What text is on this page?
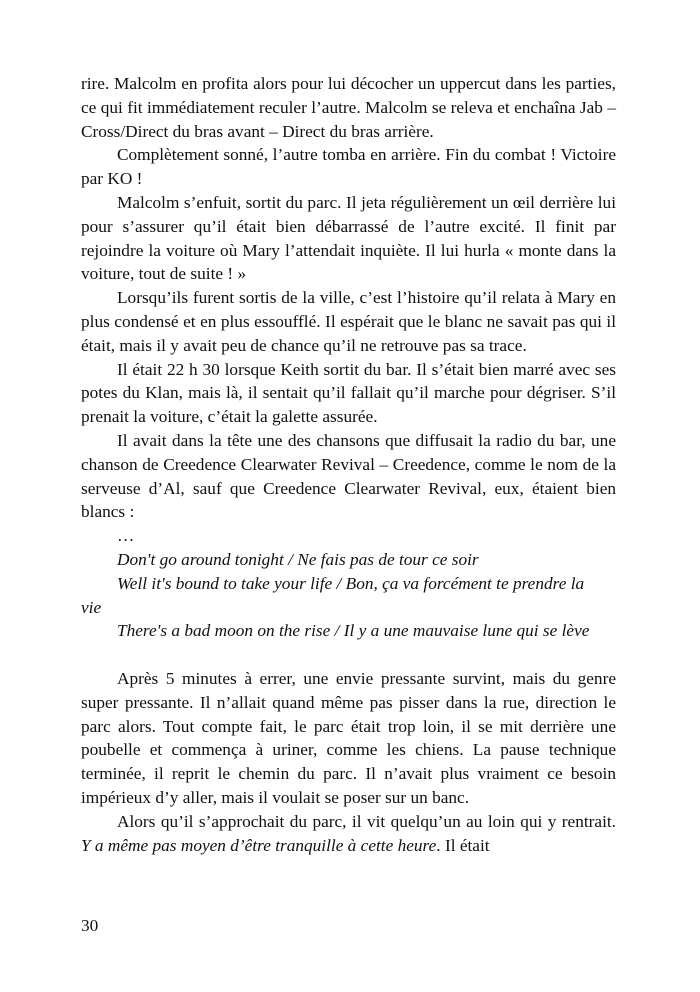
rire. Malcolm en profita alors pour lui décocher un uppercut dans les parties, ce qui fit immédiatement reculer l’autre. Malcolm se releva et enchaîna Jab – Cross/Direct du bras avant – Direct du bras arrière.

Complètement sonné, l’autre tomba en arrière. Fin du combat ! Victoire par KO !

Malcolm s’enfuit, sortit du parc. Il jeta régulièrement un œil derrière lui pour s’assurer qu’il était bien débarrassé de l’autre excité. Il finit par rejoindre la voiture où Mary l’attendait inquiète. Il lui hurla « monte dans la voiture, tout de suite ! »

Lorsqu’ils furent sortis de la ville, c’est l’histoire qu’il relata à Mary en plus condensé et en plus essoufflé. Il espérait que le blanc ne savait pas qui il était, mais il y avait peu de chance qu’il ne retrouve pas sa trace.

Il était 22 h 30 lorsque Keith sortit du bar. Il s’était bien marré avec ses potes du Klan, mais là, il sentait qu’il fallait qu’il marche pour dégriser. S’il prenait la voiture, c’était la galette assurée.

Il avait dans la tête une des chansons que diffusait la radio du bar, une chanson de Creedence Clearwater Revival – Creedence, comme le nom de la serveuse d’Al, sauf que Creedence Clearwater Revival, eux, étaient bien blancs :

…
Don't go around tonight / Ne fais pas de tour ce soir
Well it's bound to take your life / Bon, ça va forcément te prendre la
vie
There's a bad moon on the rise / Il y a une mauvaise lune qui se lève

Après 5 minutes à errer, une envie pressante survint, mais du genre super pressante. Il n’allait quand même pas pisser dans la rue, direction le parc alors. Tout compte fait, le parc était trop loin, il se mit derrière une poubelle et commença à uriner, comme les chiens. La pause technique terminée, il reprit le chemin du parc. Il n’avait plus vraiment ce besoin impérieux d’y aller, mais il voulait se poser sur un banc.

Alors qu’il s’approchait du parc, il vit quelqu’un au loin qui y rentrait. Y a même pas moyen d’être tranquille à cette heure. Il était

30
